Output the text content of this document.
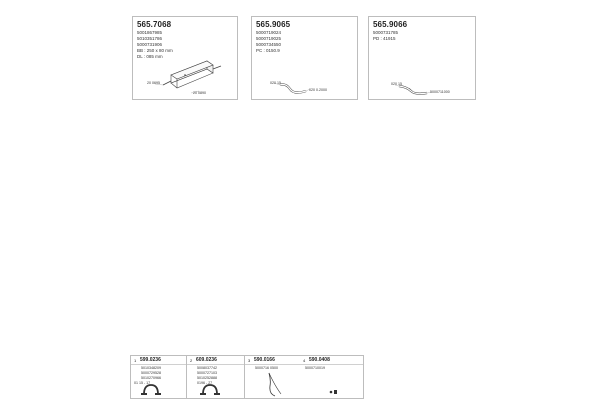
565.7068
5001867985
5010351786
5000731906
BB : 250 x 80 mm
DL : 085 mm
20 0695
20 0890
565.9065
5000719024
5000719025
5000734550
PC : 0150.9
020 15
020 0.2000
565.9066
5000731785
PD : 41915
020 15
5000711000
1 599.0236
5010348209
5000729528
5010270966
01 15 - 17
2 609.0236
5008037742
5000727103
5010252888
0196 - 27
3 590.0166	4 590.0408
5000716 0500	5000710019
